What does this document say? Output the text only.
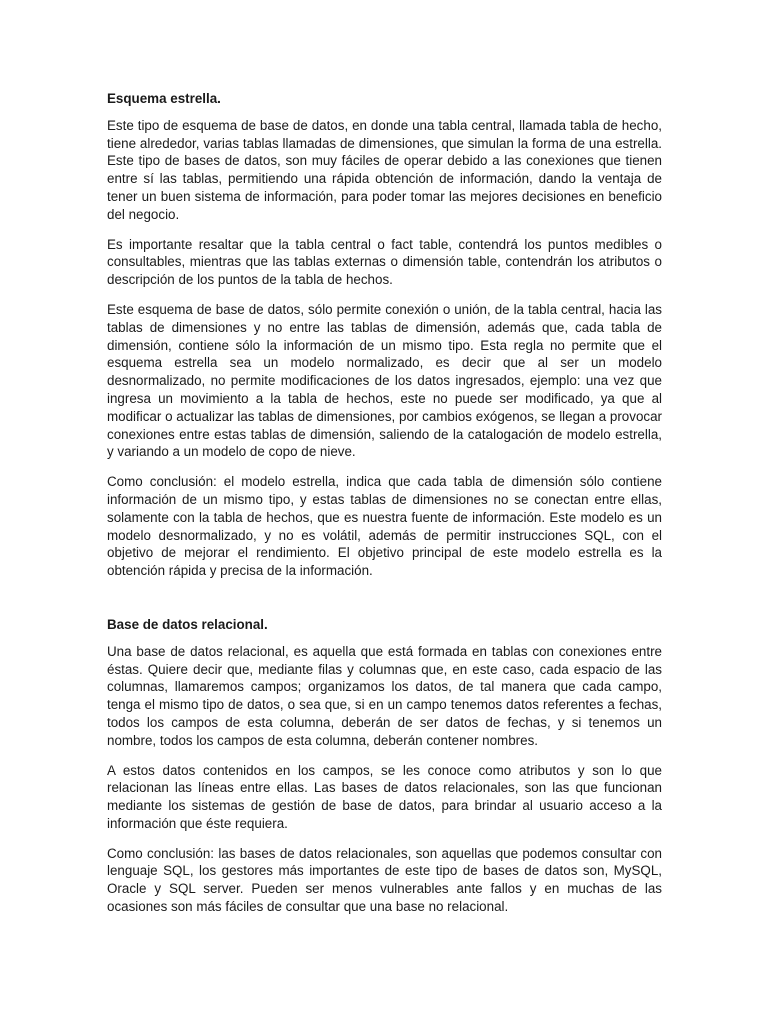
Esquema estrella.

Este tipo de esquema de base de datos, en donde una tabla central, llamada tabla de hecho, tiene alrededor, varias tablas llamadas de dimensiones, que simulan la forma de una estrella. Este tipo de bases de datos, son muy fáciles de operar debido a las conexiones que tienen entre sí las tablas, permitiendo una rápida obtención de información, dando la ventaja de tener un buen sistema de información, para poder tomar las mejores decisiones en beneficio del negocio.

Es importante resaltar que la tabla central o fact table, contendrá los puntos medibles o consultables, mientras que las tablas externas o dimensión table, contendrán los atributos o descripción de los puntos de la tabla de hechos.

Este esquema de base de datos, sólo permite conexión o unión, de la tabla central, hacia las tablas de dimensiones y no entre las tablas de dimensión, además que, cada tabla de dimensión, contiene sólo la información de un mismo tipo. Esta regla no permite que el esquema estrella sea un modelo normalizado, es decir que al ser un modelo desnormalizado, no permite modificaciones de los datos ingresados, ejemplo: una vez que ingresa un movimiento a la tabla de hechos, este no puede ser modificado, ya que al modificar o actualizar las tablas de dimensiones, por cambios exógenos, se llegan a provocar conexiones entre estas tablas de dimensión, saliendo de la catalogación de modelo estrella, y variando a un modelo de copo de nieve.

Como conclusión: el modelo estrella, indica que cada tabla de dimensión sólo contiene información de un mismo tipo, y estas tablas de dimensiones no se conectan entre ellas, solamente con la tabla de hechos, que es nuestra fuente de información. Este modelo es un modelo desnormalizado, y no es volátil, además de permitir instrucciones SQL, con el objetivo de mejorar el rendimiento. El objetivo principal de este modelo estrella es la obtención rápida y precisa de la información.

Base de datos relacional.

Una base de datos relacional, es aquella que está formada en tablas con conexiones entre éstas. Quiere decir que, mediante filas y columnas que, en este caso, cada espacio de las columnas, llamaremos campos; organizamos los datos, de tal manera que cada campo, tenga el mismo tipo de datos, o sea que, si en un campo tenemos datos referentes a fechas, todos los campos de esta columna, deberán de ser datos de fechas, y si tenemos un nombre, todos los campos de esta columna, deberán contener nombres.

A estos datos contenidos en los campos, se les conoce como atributos y son lo que relacionan las líneas entre ellas. Las bases de datos relacionales, son las que funcionan mediante los sistemas de gestión de base de datos, para brindar al usuario acceso a la información que éste requiera.

Como conclusión: las bases de datos relacionales, son aquellas que podemos consultar con lenguaje SQL, los gestores más importantes de este tipo de bases de datos son, MySQL, Oracle y SQL server. Pueden ser menos vulnerables ante fallos y en muchas de las ocasiones son más fáciles de consultar que una base no relacional.
